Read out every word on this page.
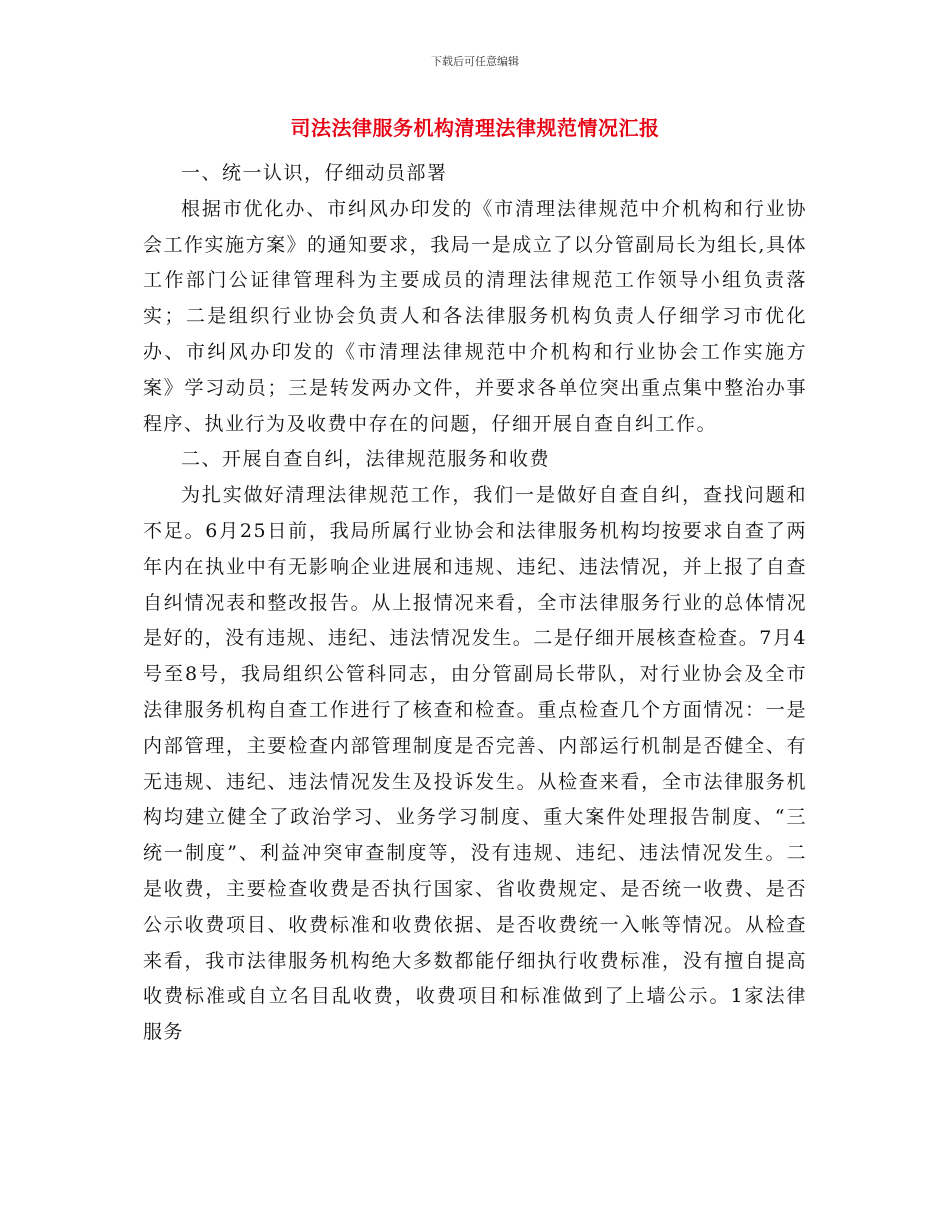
下载后可任意编辑
司法法律服务机构清理法律规范情况汇报

一、统一认识，仔细动员部署

根据市优化办、市纠风办印发的《市清理法律规范中介机构和行业协会工作实施方案》的通知要求，我局一是成立了以分管副局长为组长,具体工作部门公证律管理科为主要成员的清理法律规范工作领导小组负责落实；二是组织行业协会负责人和各法律服务机构负责人仔细学习市优化办、市纠风办印发的《市清理法律规范中介机构和行业协会工作实施方案》学习动员；三是转发两办文件，并要求各单位突出重点集中整治办事程序、执业行为及收费中存在的问题，仔细开展自查自纠工作。

二、开展自查自纠，法律规范服务和收费

为扎实做好清理法律规范工作，我们一是做好自查自纠，查找问题和不足。6月25日前，我局所属行业协会和法律服务机构均按要求自查了两年内在执业中有无影响企业进展和违规、违纪、违法情况，并上报了自查自纠情况表和整改报告。从上报情况来看，全市法律服务行业的总体情况是好的，没有违规、违纪、违法情况发生。二是仔细开展核查检查。7月4号至8号，我局组织公管科同志，由分管副局长带队，对行业协会及全市法律服务机构自查工作进行了核查和检查。重点检查几个方面情况：一是内部管理，主要检查内部管理制度是否完善、内部运行机制是否健全、有无违规、违纪、违法情况发生及投诉发生。从检查来看，全市法律服务机构均建立健全了政治学习、业务学习制度、重大案件处理报告制度、“三统一制度”、利益冲突审查制度等，没有违规、违纪、违法情况发生。二是收费，主要检查收费是否执行国家、省收费规定、是否统一收费、是否公示收费项目、收费标准和收费依据、是否收费统一入帐等情况。从检查来看，我市法律服务机构绝大多数都能仔细执行收费标准，没有擅自提高收费标准或自立名目乱收费，收费项目和标准做到了上墙公示。1家法律服务
